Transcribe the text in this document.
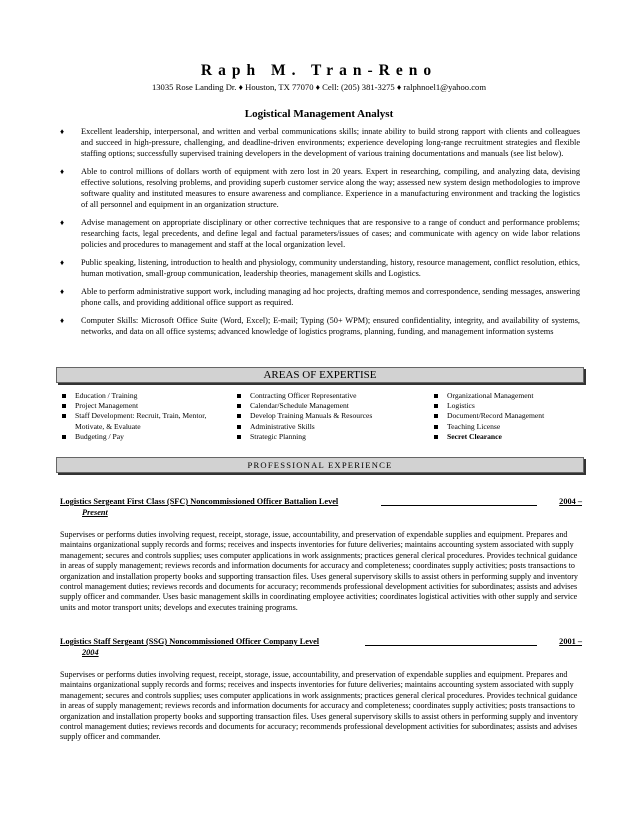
Raph M. Tran-Reno
13035 Rose Landing Dr. ♦ Houston, TX 77070 ♦ Cell: (205) 381-3275 ♦ ralphnoel1@yahoo.com
Logistical Management Analyst
♦ Excellent leadership, interpersonal, and written and verbal communications skills; innate ability to build strong rapport with clients and colleagues and succeed in high-pressure, challenging, and deadline-driven environments; experience developing long-range recruitment strategies and flexible staffing options; successfully supervised training developers in the development of various training documentations and manuals (see list below).
♦ Able to control millions of dollars worth of equipment with zero lost in 20 years. Expert in researching, compiling, and analyzing data, devising effective solutions, resolving problems, and providing superb customer service along the way; assessed new system design methodologies to improve software quality and instituted measures to ensure awareness and compliance. Experience in a manufacturing environment and tracking the logistics of all personnel and equipment in an organization structure.
♦ Advise management on appropriate disciplinary or other corrective techniques that are responsive to a range of conduct and performance problems; researching facts, legal precedents, and define legal and factual parameters/issues of cases; and communicate with agency on wide labor relations policies and procedures to management and staff at the local organization level.
♦ Public speaking, listening, introduction to health and physiology, community understanding, history, resource management, conflict resolution, ethics, human motivation, small-group communication, leadership theories, management skills and Logistics.
♦ Able to perform administrative support work, including managing ad hoc projects, drafting memos and correspondence, sending messages, answering phone calls, and providing additional office support as required.
♦ Computer Skills: Microsoft Office Suite (Word, Excel); E-mail; Typing (50+ WPM); ensured confidentiality, integrity, and availability of systems, networks, and data on all office systems; advanced knowledge of logistics programs, planning, funding, and management information systems
AREAS OF EXPERTISE
Education / Training
Project Management
Staff Development: Recruit, Train, Mentor, Motivate, & Evaluate
Budgeting / Pay
Contracting Officer Representative
Calendar/Schedule Management
Develop Training Manuals & Resources
Administrative Skills
Strategic Planning
Organizational Management
Logistics
Document/Record Management
Teaching License
Secret Clearance
PROFESSIONAL EXPERIENCE
Logistics Sergeant First Class (SFC) Noncommissioned Officer Battalion Level	2004 –
Present
Supervises or performs duties involving request, receipt, storage, issue, accountability, and preservation of expendable supplies and equipment. Prepares and maintains organizational supply records and forms; receives and inspects inventories for future deliveries; maintains accounting system associated with supply management; secures and controls supplies; uses computer applications in work assignments; practices general clerical procedures. Provides technical guidance in areas of supply management; reviews records and information documents for accuracy and completeness; coordinates supply activities; posts transactions to organization and installation property books and supporting transaction files. Uses general supervisory skills to assist others in performing supply and inventory control management duties; reviews records and documents for accuracy; recommends professional development activities for subordinates; assists and advises supply officer and commander. Uses basic management skills in coordinating employee activities; coordinates logistical activities with other supply and service units and motor transport units; develops and executes training programs.
Logistics Staff Sergeant (SSG) Noncommissioned Officer Company Level	2001 –
2004
Supervises or performs duties involving request, receipt, storage, issue, accountability, and preservation of expendable supplies and equipment. Prepares and maintains organizational supply records and forms; receives and inspects inventories for future deliveries; maintains accounting system associated with supply management; secures and controls supplies; uses computer applications in work assignments; practices general clerical procedures. Provides technical guidance in areas of supply management; reviews records and information documents for accuracy and completeness; coordinates supply activities; posts transactions to organization and installation property books and supporting transaction files. Uses general supervisory skills to assist others in performing supply and inventory control management duties; reviews records and documents for accuracy; recommends professional development activities for subordinates; assists and advises supply officer and commander.
